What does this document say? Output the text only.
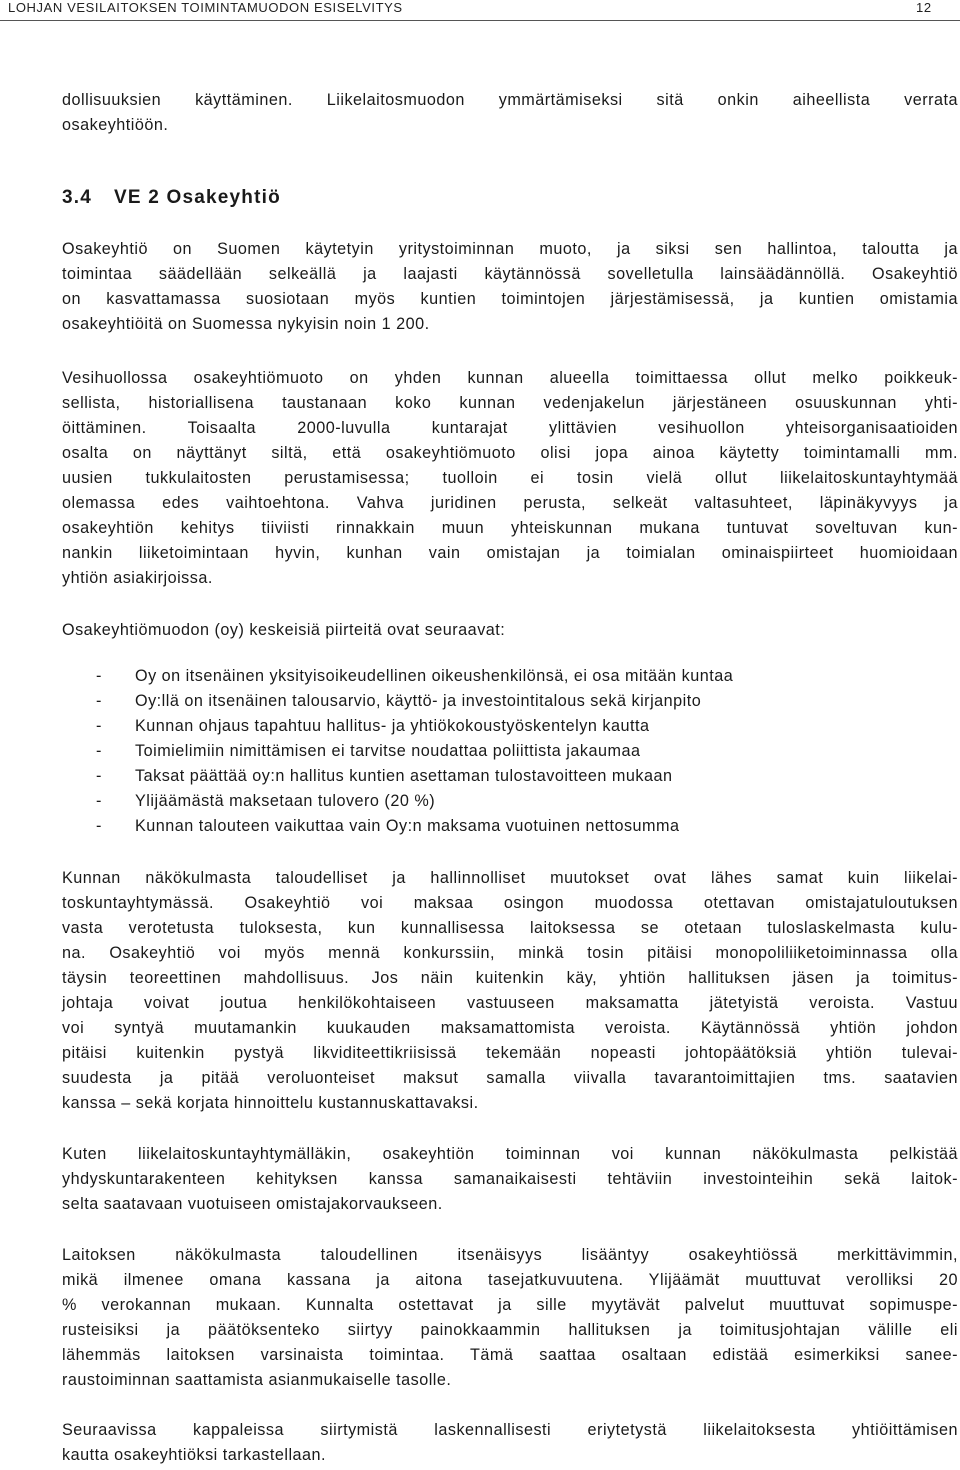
LOHJAN VESILAITOKSEN TOIMINTAMUODON ESISELVITYS	12
dollisuuksien käyttäminen. Liikelaitosmuodon ymmärtämiseksi sitä onkin aiheellista verrata
osakeyhtiöön.
3.4 VE 2 Osakeyhtiö
Osakeyhtiö on Suomen käytetyin yritystoiminnan muoto, ja siksi sen hallintoa, taloutta ja
toimintaa säädellään selkeällä ja laajasti käytännössä sovelletulla lainsäädännöllä. Osakeyhtiö
on kasvattamassa suosiotaan myös kuntien toimintojen järjestämisessä, ja kuntien omistamia
osakeyhtiöitä on Suomessa nykyisin noin 1 200.
Vesihuollossa osakeyhtiömuoto on yhden kunnan alueella toimittaessa ollut melko poikkeuk-
sellista, historiallisena taustanaan koko kunnan vedenjakelun järjestäneen osuuskunnan yhti-
öittäminen. Toisaalta 2000-luvulla kuntarajat ylittävien vesihuollon yhteisorganisaatioiden
osalta on näyttänyt siltä, että osakeyhtiömuoto olisi jopa ainoa käytetty toimintamalli mm.
uusien tukkulaitosten perustamisessa; tuolloin ei tosin vielä ollut liikelaitoskuntayhtymää
olemassa edes vaihtoehtona. Vahva juridinen perusta, selkeät valtasuhteet, läpinäkyvyys ja
osakeyhtiön kehitys tiiviisti rinnakkain muun yhteiskunnan mukana tuntuvat soveltuvan kun-
nankin liiketoimintaan hyvin, kunhan vain omistajan ja toimialan ominaispiirteet huomioidaan
yhtiön asiakirjoissa.
Osakeyhtiömuodon (oy) keskeisiä piirteitä ovat seuraavat:
- Oy on itsenäinen yksityisoikeudellinen oikeushenkilönsä, ei osa mitään kuntaa
- Oy:llä on itsenäinen talousarvio, käyttö- ja investointitalous sekä kirjanpito
- Kunnan ohjaus tapahtuu hallitus- ja yhtiökokoustyöskentelyn kautta
- Toimielimiin nimittämisen ei tarvitse noudattaa poliittista jakaumaa
- Taksat päättää oy:n hallitus kuntien asettaman tulostavoitteen mukaan
- Ylijäämästä maksetaan tulovero (20 %)
- Kunnan talouteen vaikuttaa vain Oy:n maksama vuotuinen nettosumma
Kunnan näkökulmasta taloudelliset ja hallinnolliset muutokset ovat lähes samat kuin liikelai-
toskuntayhtymässä. Osakeyhtiö voi maksaa osingon muodossa otettavan omistajatuloutuksen
vasta verotetusta tuloksesta, kun kunnallisessa laitoksessa se otetaan tuloslaskelmasta kulu-
na. Osakeyhtiö voi myös mennä konkurssiin, minkä tosin pitäisi monopoliliiketoiminnassa olla
täysin teoreettinen mahdollisuus. Jos näin kuitenkin käy, yhtiön hallituksen jäsen ja toimitus-
johtaja voivat joutua henkilökohtaiseen vastuuseen maksamatta jätetyistä veroista. Vastuu
voi syntyä muutamankin kuukauden maksamattomista veroista. Käytännössä yhtiön johdon
pitäisi kuitenkin pystyä likviditeettikriisissä tekemään nopeasti johtopäätöksiä yhtiön tulevai-
suudesta ja pitää veroluonteiset maksut samalla viivalla tavarantoimittajien tms. saatavien
kanssa – sekä korjata hinnoittelu kustannuskattavaksi.
Kuten liikelaitoskuntayhtymälläkin, osakeyhtiön toiminnan voi kunnan näkökulmasta pelkistää
yhdyskuntarakenteen kehityksen kanssa samanaikaisesti tehtäviin investointeihin sekä laitok-
selta saatavaan vuotuiseen omistajakorvaukseen.
Laitoksen näkökulmasta taloudellinen itsenäisyys lisääntyy osakeyhtiössä merkittävimmin,
mikä ilmenee omana kassana ja aitona tasejatkuvuutena. Ylijäämät muuttuvat verolliksi 20
% verokannan mukaan. Kunnalta ostettavat ja sille myytävät palvelut muuttuvat sopimuspe-
rusteisiksi ja päätöksenteko siirtyy painokkaammin hallituksen ja toimitusjohtajan välille eli
lähemmäs laitoksen varsinaista toimintaa. Tämä saattaa osaltaan edistää esimerkiksi saneе-
raustoiminnan saattamista asianmukaiselle tasolle.
Seuraavissa kappaleissa siirtymistä laskennallisesti eriytetystä liikelaitoksesta yhtiöittämisen
kautta osakeyhtiöksi tarkastellaan.
